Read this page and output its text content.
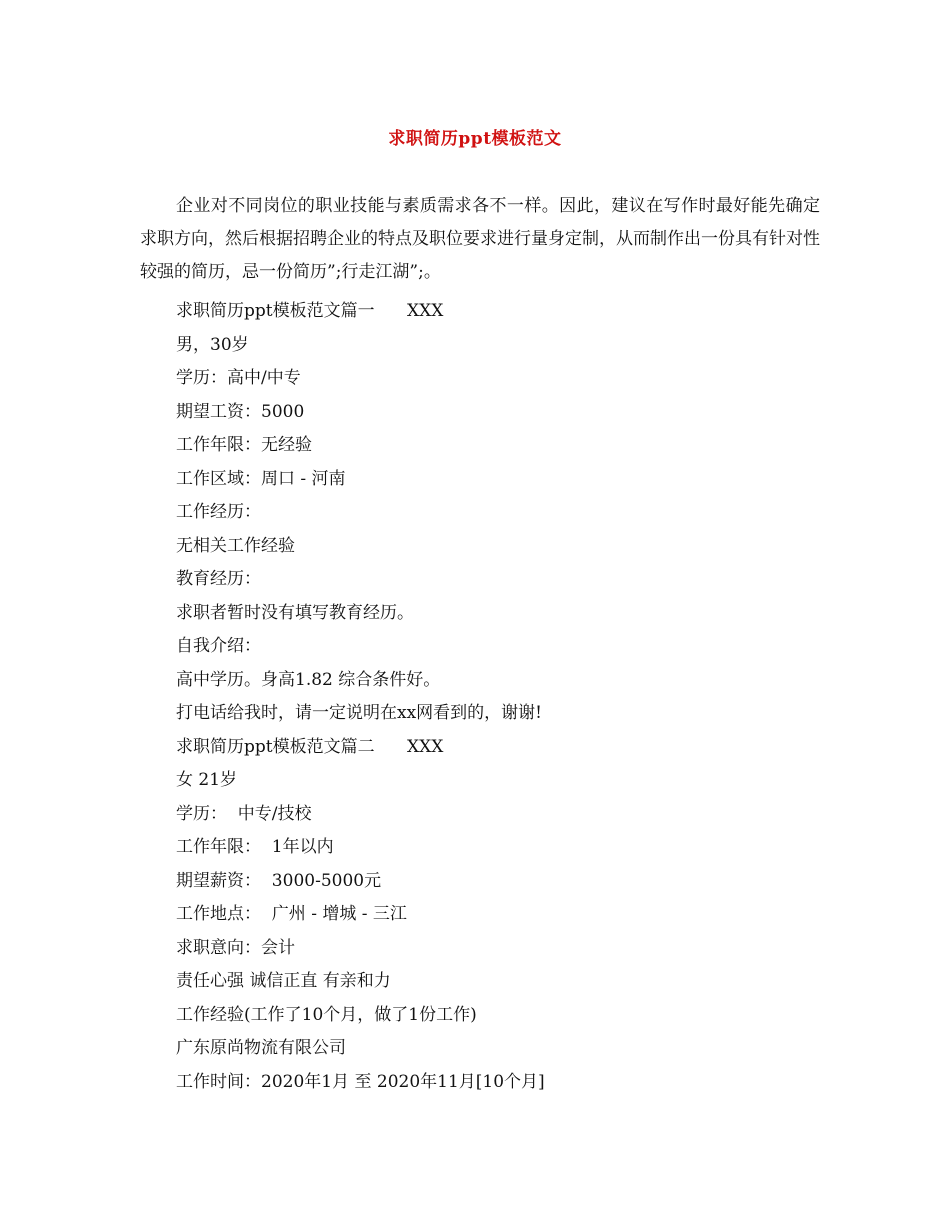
求职简历ppt模板范文

企业对不同岗位的职业技能与素质需求各不一样。因此，建议在写作时最好能先确定求职方向，然后根据招聘企业的特点及职位要求进行量身定制，从而制作出一份具有针对性较强的简历，忌一份简历”;行走江湖”;。

求职简历ppt模板范文篇一      XXX
男，30岁
学历：高中/中专
期望工资：5000
工作年限：无经验
工作区域：周口 - 河南
工作经历：
无相关工作经验
教育经历：
求职者暂时没有填写教育经历。
自我介绍：
高中学历。身高1.82 综合条件好。
打电话给我时，请一定说明在xx网看到的，谢谢!
求职简历ppt模板范文篇二      XXX
女 21岁
学历：  中专/技校
工作年限：  1年以内
期望薪资：  3000-5000元
工作地点：  广州 - 增城 - 三江
求职意向：会计
责任心强 诚信正直 有亲和力
工作经验(工作了10个月，做了1份工作)
广东原尚物流有限公司
工作时间：2020年1月 至 2020年11月[10个月]
